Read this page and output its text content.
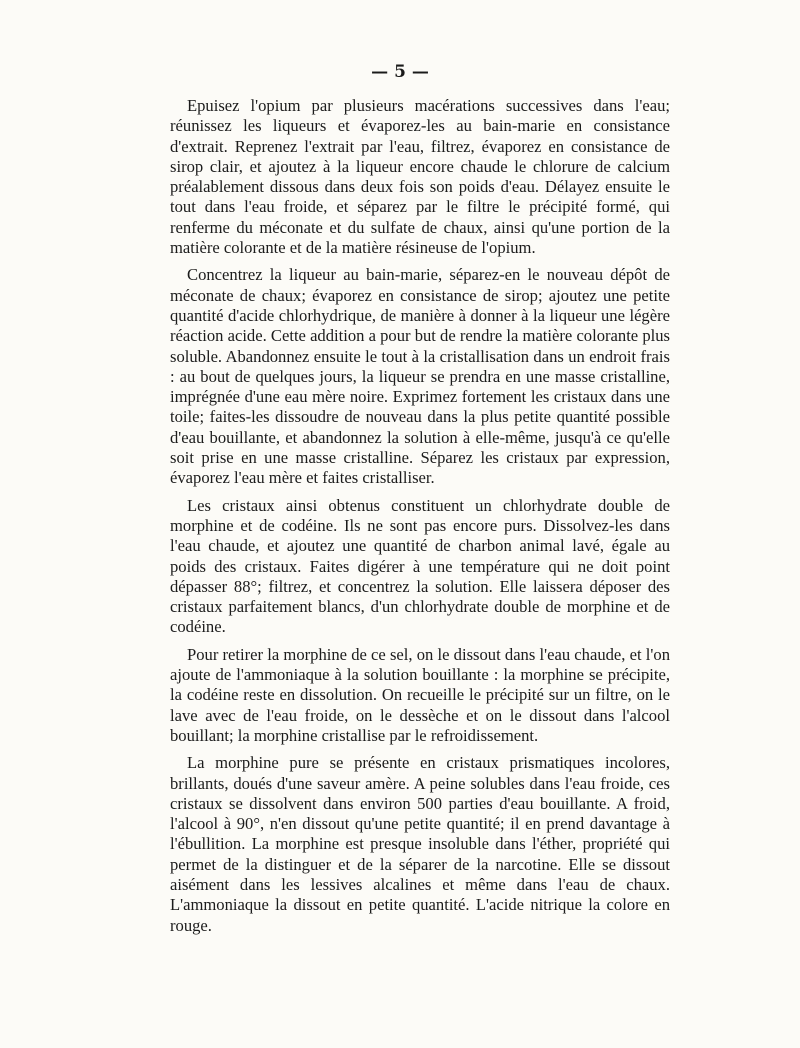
— 5 —

Epuisez l'opium par plusieurs macérations successives dans l'eau; réunissez les liqueurs et évaporez-les au bain-marie en consistance d'extrait. Reprenez l'extrait par l'eau, filtrez, évaporez en consistance de sirop clair, et ajoutez à la liqueur encore chaude le chlorure de calcium préalablement dissous dans deux fois son poids d'eau. Délayez ensuite le tout dans l'eau froide, et séparez par le filtre le précipité formé, qui renferme du méconate et du sulfate de chaux, ainsi qu'une portion de la matière colorante et de la matière résineuse de l'opium.

Concentrez la liqueur au bain-marie, séparez-en le nouveau dépôt de méconate de chaux; évaporez en consistance de sirop; ajoutez une petite quantité d'acide chlorhydrique, de manière à donner à la liqueur une légère réaction acide. Cette addition a pour but de rendre la matière colorante plus soluble. Abandonnez ensuite le tout à la cristallisation dans un endroit frais : au bout de quelques jours, la liqueur se prendra en une masse cristalline, imprégnée d'une eau mère noire. Exprimez fortement les cristaux dans une toile; faites-les dissoudre de nouveau dans la plus petite quantité possible d'eau bouillante, et abandonnez la solution à elle-même, jusqu'à ce qu'elle soit prise en une masse cristalline. Séparez les cristaux par expression, évaporez l'eau mère et faites cristalliser.

Les cristaux ainsi obtenus constituent un chlorhydrate double de morphine et de codéine. Ils ne sont pas encore purs. Dissolvez-les dans l'eau chaude, et ajoutez une quantité de charbon animal lavé, égale au poids des cristaux. Faites digérer à une température qui ne doit point dépasser 88°; filtrez, et concentrez la solution. Elle laissera déposer des cristaux parfaitement blancs, d'un chlorhydrate double de morphine et de codéine.

Pour retirer la morphine de ce sel, on le dissout dans l'eau chaude, et l'on ajoute de l'ammoniaque à la solution bouillante : la morphine se précipite, la codéine reste en dissolution. On recueille le précipité sur un filtre, on le lave avec de l'eau froide, on le dessèche et on le dissout dans l'alcool bouillant; la morphine cristallise par le refroidissement.

La morphine pure se présente en cristaux prismatiques incolores, brillants, doués d'une saveur amère. A peine solubles dans l'eau froide, ces cristaux se dissolvent dans environ 500 parties d'eau bouillante. A froid, l'alcool à 90°, n'en dissout qu'une petite quantité; il en prend davantage à l'ébullition. La morphine est presque insoluble dans l'éther, propriété qui permet de la distinguer et de la séparer de la narcotine. Elle se dissout aisément dans les lessives alcalines et même dans l'eau de chaux. L'ammoniaque la dissout en petite quantité. L'acide nitrique la colore en rouge.
